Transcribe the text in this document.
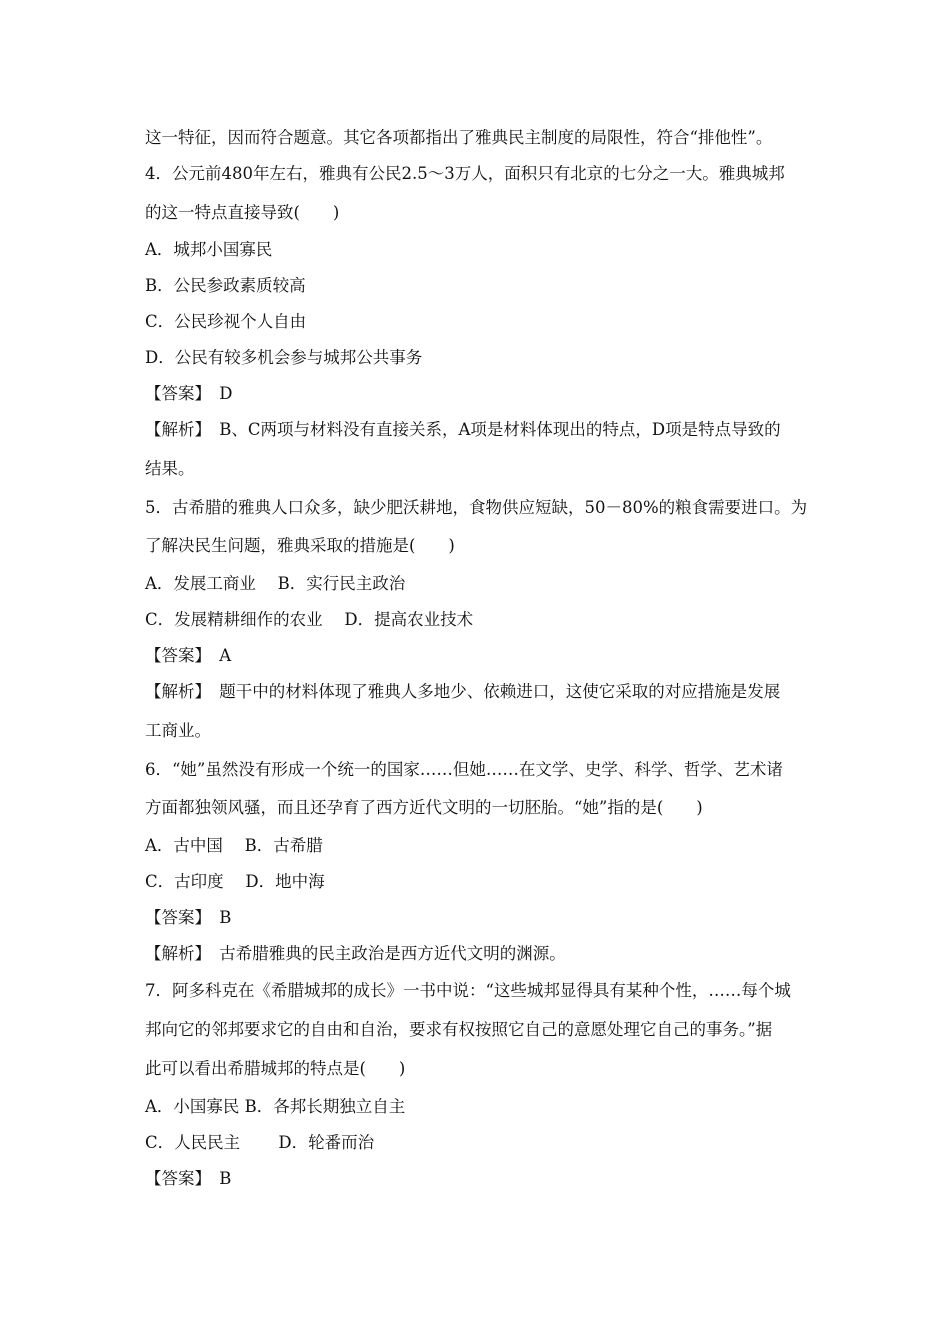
这一特征，因而符合题意。其它各项都指出了雅典民主制度的局限性，符合“排他性”。
4．公元前480年左右，雅典有公民2.5～3万人，面积只有北京的七分之一大。雅典城邦
的这一特点直接导致(　　)
A．城邦小国寡民
B．公民参政素质较高
C．公民珍视个人自由
D．公民有较多机会参与城邦公共事务
【答案】　D
【解析】　B、C两项与材料没有直接关系，A项是材料体现出的特点，D项是特点导致的
结果。
5．古希腊的雅典人口众多，缺少肥沃耕地，食物供应短缺，50－80%的粮食需要进口。为
了解决民生问题，雅典采取的措施是(　　)
A．发展工商业　 B．实行民主政治
C．发展精耕细作的农业　 D．提高农业技术
【答案】　A
【解析】　题干中的材料体现了雅典人多地少、依赖进口，这使它采取的对应措施是发展
工商业。
6．“她”虽然没有形成一个统一的国家……但她……在文学、史学、科学、哲学、艺术诸
方面都独领风骚，而且还孕育了西方近代文明的一切胚胎。“她”指的是(　　)
A．古中国　 B．古希腊
C．古印度　 D．地中海
【答案】　B
【解析】　古希腊雅典的民主政治是西方近代文明的渊源。
7．阿多科克在《希腊城邦的成长》一书中说：“这些城邦显得具有某种个性，……每个城
邦向它的邻邦要求它的自由和自治，要求有权按照它自己的意愿处理它自己的事务。”据
此可以看出希腊城邦的特点是(　　)
A．小国寡民 B．各邦长期独立自主
C．人民民主　　 D．轮番而治
【答案】　B
